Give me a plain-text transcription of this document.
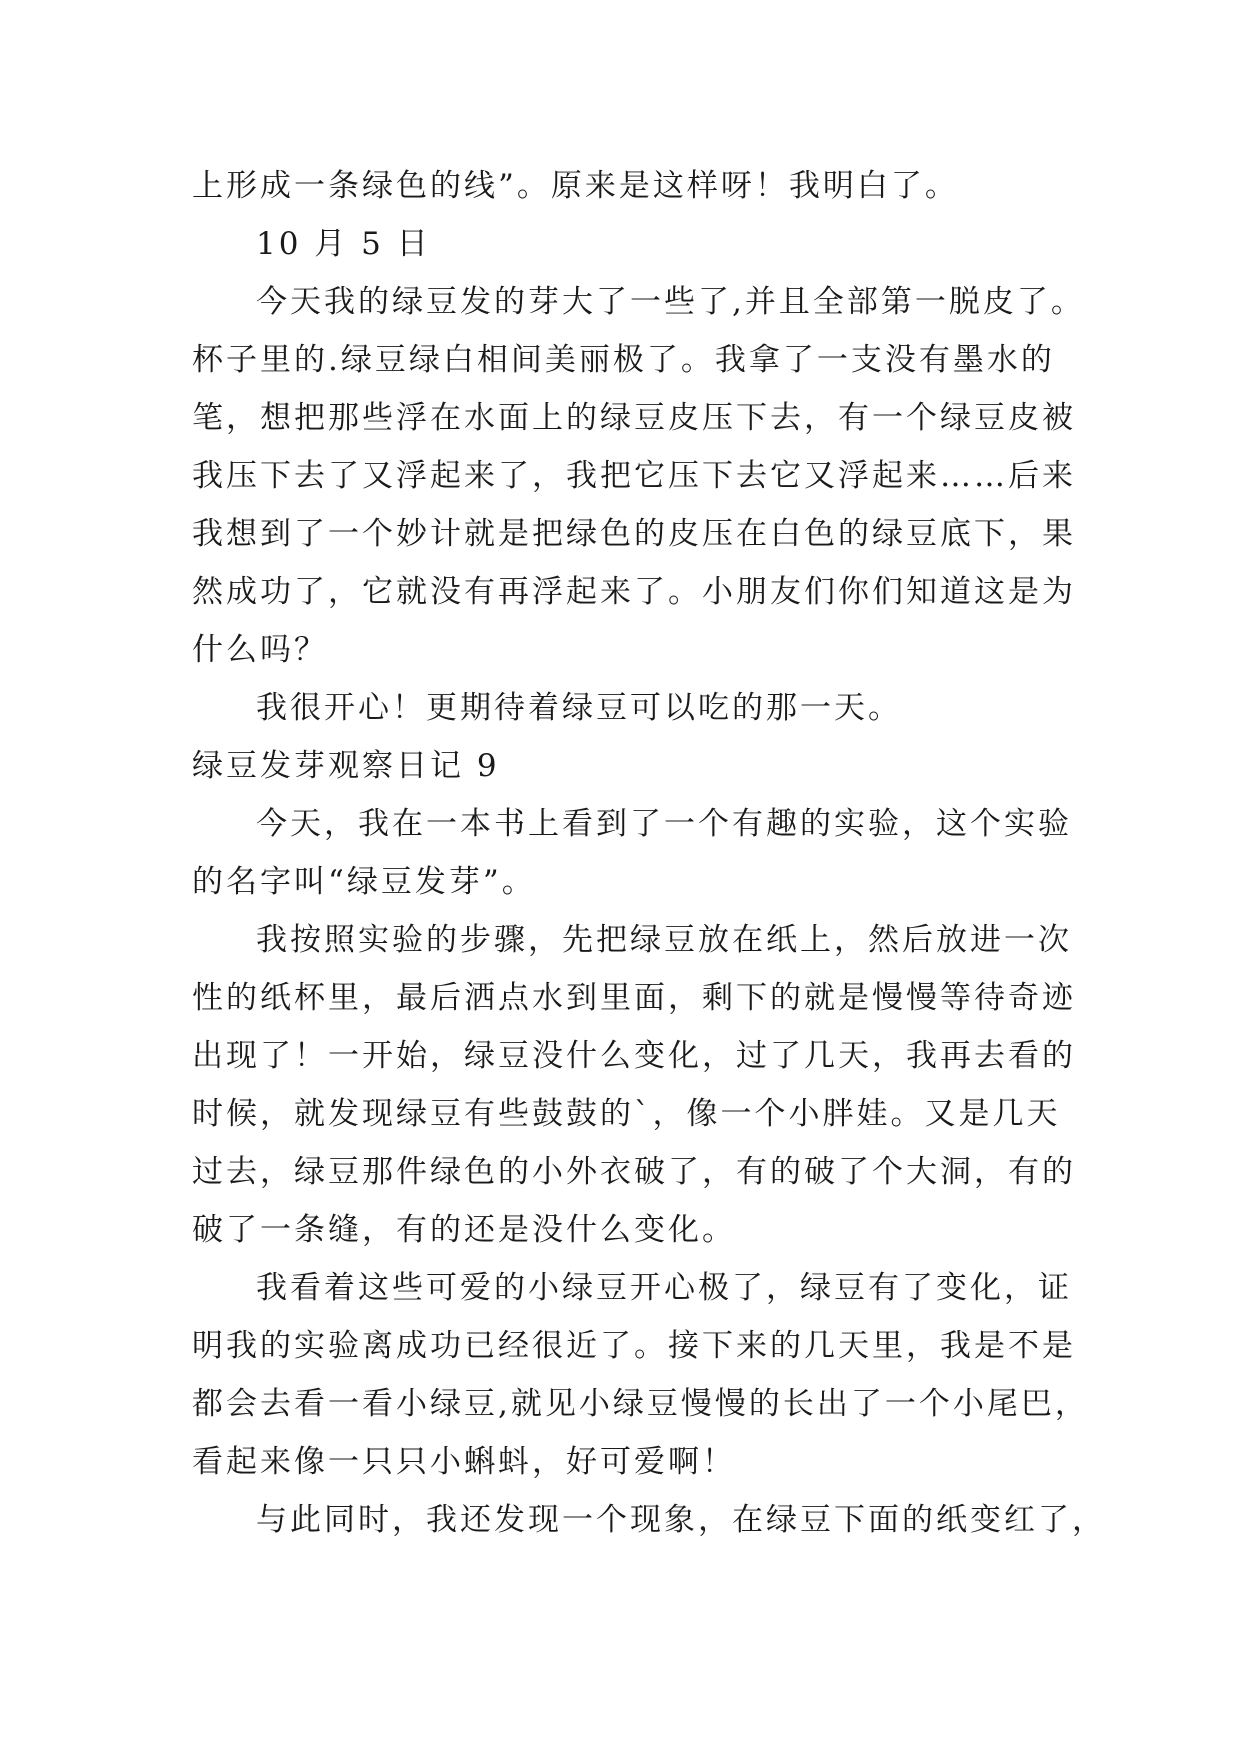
上形成一条绿色的线”。原来是这样呀！我明白了。
10 月 5 日
今天我的绿豆发的芽大了一些了,并且全部第一脱皮了。
杯子里的.绿豆绿白相间美丽极了。我拿了一支没有墨水的
笔，想把那些浮在水面上的绿豆皮压下去，有一个绿豆皮被
我压下去了又浮起来了，我把它压下去它又浮起来……后来
我想到了一个妙计就是把绿色的皮压在白色的绿豆底下，果
然成功了，它就没有再浮起来了。小朋友们你们知道这是为
什么吗？
我很开心！更期待着绿豆可以吃的那一天。
绿豆发芽观察日记 9
今天，我在一本书上看到了一个有趣的实验，这个实验
的名字叫“绿豆发芽”。
我按照实验的步骤，先把绿豆放在纸上，然后放进一次
性的纸杯里，最后洒点水到里面，剩下的就是慢慢等待奇迹
出现了！一开始，绿豆没什么变化，过了几天，我再去看的
时候，就发现绿豆有些鼓鼓的`，像一个小胖娃。又是几天
过去，绿豆那件绿色的小外衣破了，有的破了个大洞，有的
破了一条缝，有的还是没什么变化。
我看着这些可爱的小绿豆开心极了，绿豆有了变化，证
明我的实验离成功已经很近了。接下来的几天里，我是不是
都会去看一看小绿豆,就见小绿豆慢慢的长出了一个小尾巴，
看起来像一只只小蝌蚪，好可爱啊！
与此同时，我还发现一个现象，在绿豆下面的纸变红了，
